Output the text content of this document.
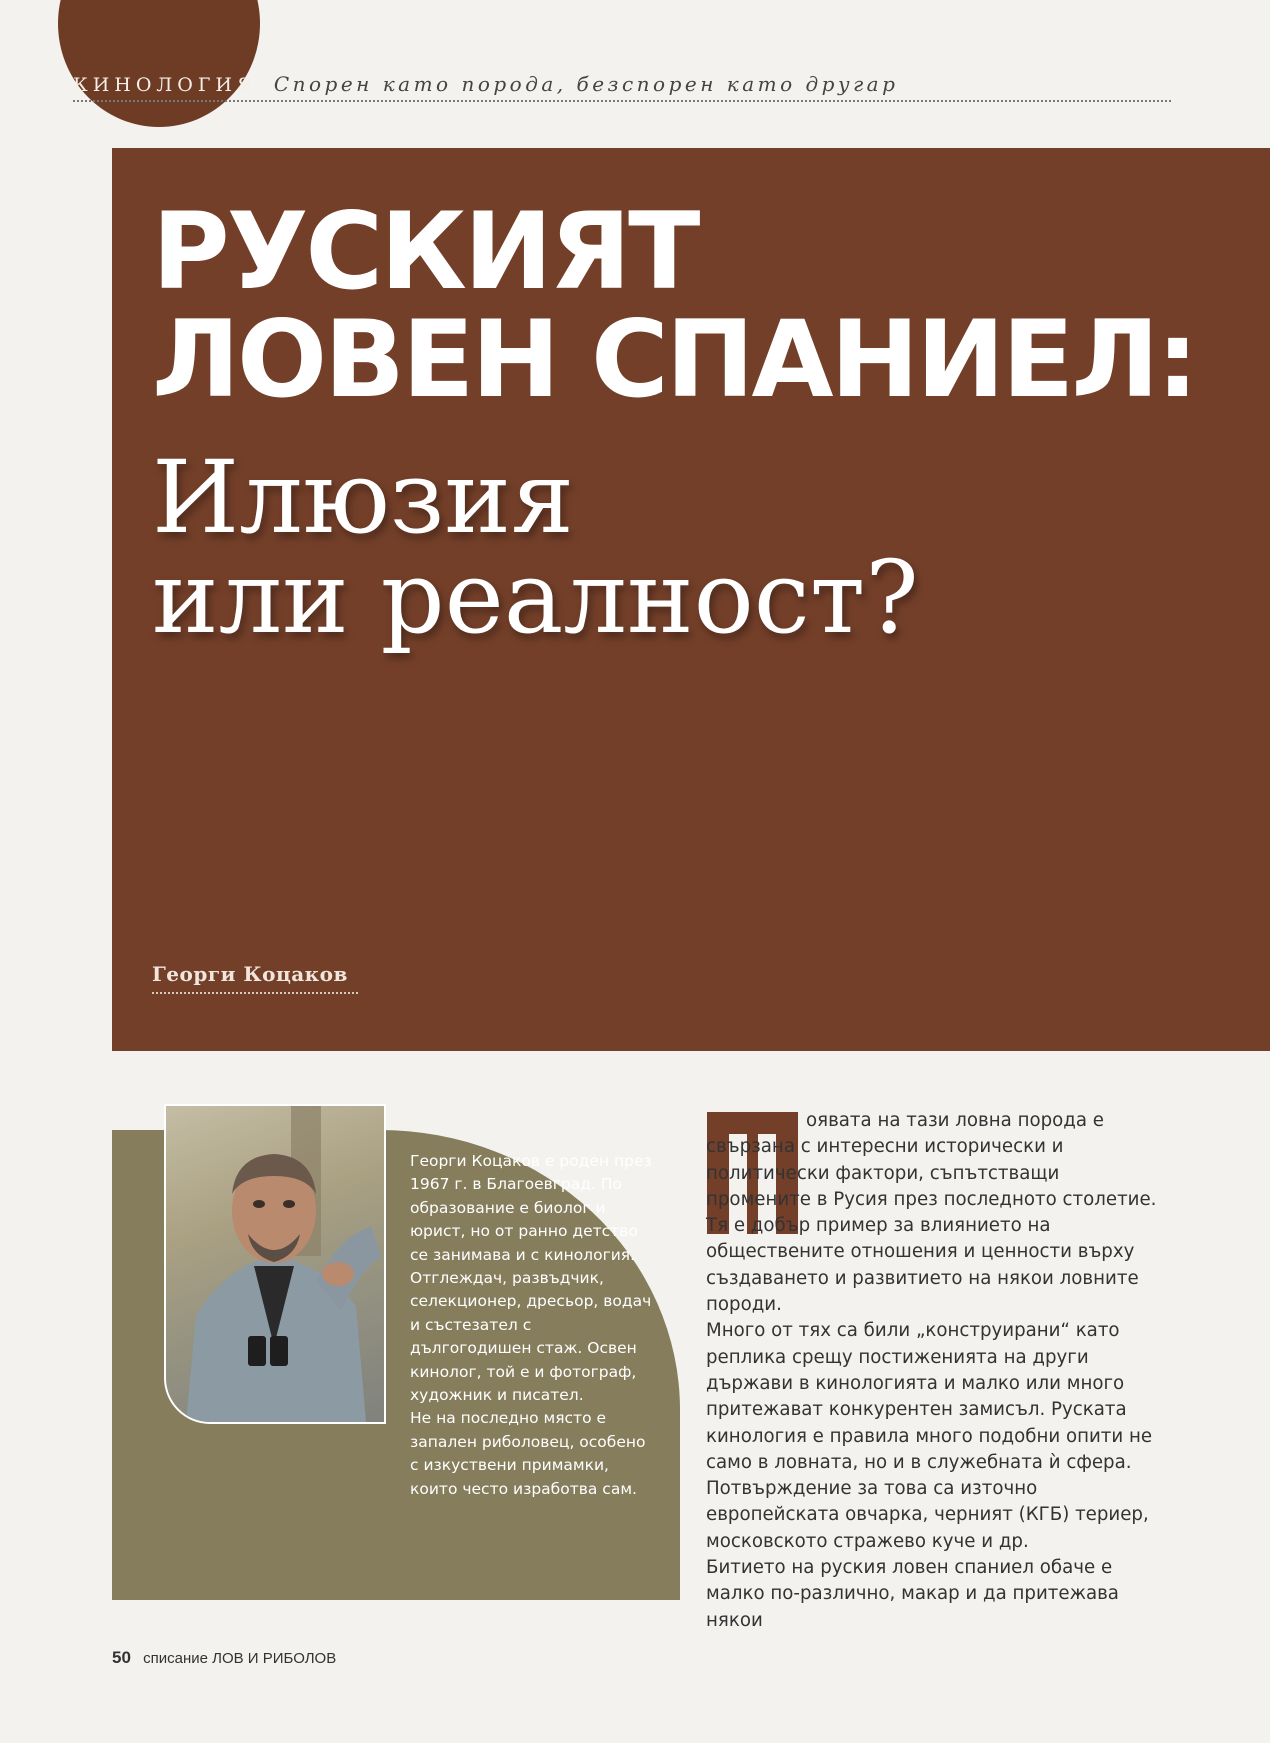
КИНОЛОГИЯ Спорен като порода, безспорен като другар
РУСКИЯТ
ЛОВЕН СПАНИЕЛ:
Илюзия
или реалност?
Георги Коцаков

Георги Коцаков е роден през 1967 г. в Благоевград. По образование е биолог и юрист, но от ранно детство се занимава и с кинология. Отглеждач, развъдчик, селекционер, дресьор, водач и състезател с дългогодишен стаж. Освен кинолог, той е и фотограф, художник и писател.

Не на последно място е запален риболовец, особено с изкуствени примамки, които често изработва сам.

оявата на тази ловна порода е свързана с интересни исторически и политически фактори, съпътстващи промените в Русия през последното столетие. Тя е добър пример за влиянието на обществените отношения и ценности върху създаването и развитието на някои ловните породи.

Много от тях са били „конструирани“ като реплика срещу постиженията на други държави в кинологията и малко или много притежават конкурентен замисъл. Руската кинология е правила много подобни опити не само в ловната, но и в служебната ѝ сфера. Потвърждение за това са източно европейската овчарка, черният (КГБ) териер, московското стражево куче и др.

Битието на руския ловен спаниел обаче е малко по-различно, макар и да притежава някои

50 списание ЛОВ И РИБОЛОВ
